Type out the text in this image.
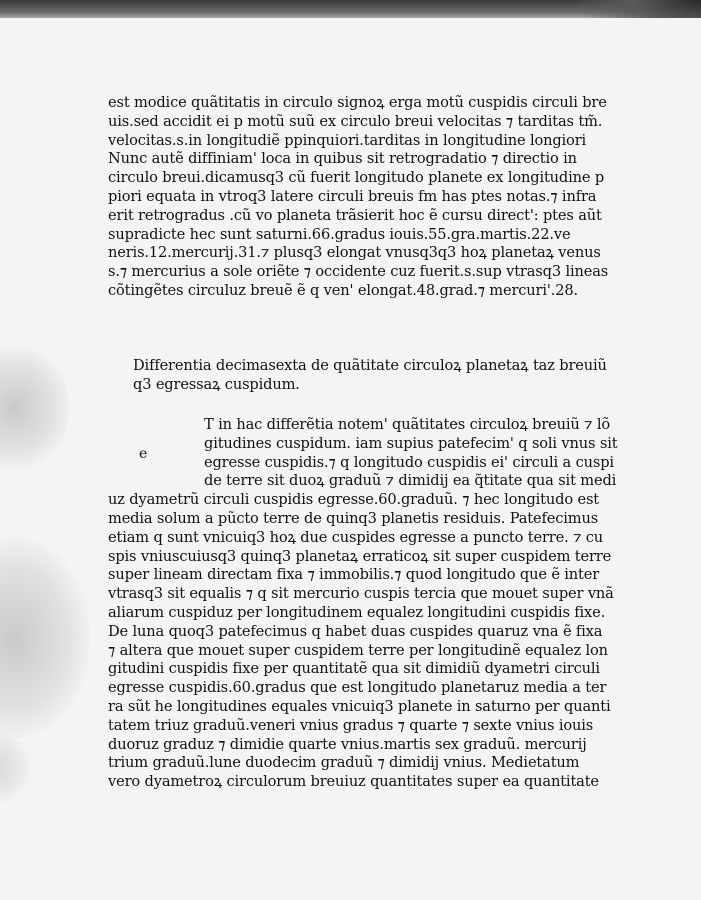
est modice quãtitatis in circulo signoꝝ erga motũ cuspidis circuli bre
uis.sed accidit ei p motũ suũ ex circulo breui velocitas ⁊ tarditas tm̃.
velocitas.s.in longitudiẽ ppinquiori.tarditas in longitudine longiori
Nunc autẽ diffiniam' loca in quibus sit retrogradatio ⁊ directio in
circulo breui.dicamusq3 cũ fuerit longitudo planete ex longitudine p
piori equata in vtroq3 latere circuli breuis fm has ptes notas.⁊ infra
erit retrogradus .cũ vo planeta trãsierit hoc ẽ cursu direct': ptes aũt
supradicte hec sunt saturni.66.gradus iouis.55.gra.martis.22.ve
neris.12.mercurij.31.⁊ plusq3 elongat vnusq3q3 hoꝝ planetaꝝ venus
s.⁊ mercurius a sole oriẽte ⁊ occidente cuz fuerit.s.sup vtrasq3 lineas
cõtingẽtes circuluz breuẽ ẽ q ven' elongat.48.grad.⁊ mercuri'.28.
Differentia decimasexta de quãtitate circuloꝝ planetaꝝ taz breuiũ
q3 egressaꝝ cuspidum.
e
T in hac differẽtia notem' quãtitates circuloꝝ breuiũ ⁊ lõ
gitudines cuspidum. iam supius patefecim' q soli vnus sit
egresse cuspidis.⁊ q longitudo cuspidis ei' circuli a cuspi
de terre sit duoꝝ graduũ ⁊ dimidij ea q̃titate qua sit medi
uz dyametrũ circuli cuspidis egresse.60.graduũ. ⁊ hec longitudo est
media solum a pũcto terre de quinq3 planetis residuis. Patefecimus
etiam q sunt vnicuiq3 hoꝝ due cuspides egresse a puncto terre. ⁊ cu
spis vniuscuiusq3 quinq3 planetaꝝ erraticoꝝ sit super cuspidem terre
super lineam directam fixa ⁊ immobilis.⁊ quod longitudo que ẽ inter
vtrasq3 sit equalis ⁊ q sit mercurio cuspis tercia que mouet super vnã
aliarum cuspiduz per longitudinem equalez longitudini cuspidis fixe.
De luna quoq3 patefecimus q habet duas cuspides quaruz vna ẽ fixa
⁊ altera que mouet super cuspidem terre per longitudinẽ equalez lon
gitudini cuspidis fixe per quantitatẽ qua sit dimidiũ dyametri circuli
egresse cuspidis.60.gradus que est longitudo planetaruz media a ter
ra sũt he longitudines equales vnicuiq3 planete in saturno per quanti
tatem triuz graduũ.veneri vnius gradus ⁊ quarte ⁊ sexte vnius iouis
duoruz graduz ⁊ dimidie quarte vnius.martis sex graduũ. mercurij
trium graduũ.lune duodecim graduũ ⁊ dimidij vnius. Medietatum
vero dyametroꝝ circulorum breuiuz quantitates super ea quantitate
